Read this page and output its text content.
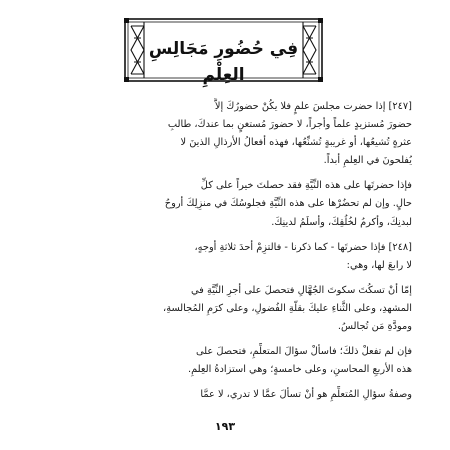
فِي حُضُورِ مَجَالِسِ العِلْمِ

[٢٤٧] إذا حضرت مجلسَ علمٍ فلا يكُنْ حضورُكَ إلاَّ
حضورَ مُستزيدٍ علماً وأجراً، لا حضورَ مُستغنٍ بما عندكَ، طالبِ
عثرةٍ تُشيعُها، أو غريبةٍ تُشنِّعُها، فهذه أفعالُ الأرذالِ الذينَ لا
يُفلحونَ في العِلمِ أبداً.

فإذا حضرتَها على هذه النِّيَّةِ فقد حصلتَ خيراً على كلِّ
حالٍ. وإن لم تحضُرْها على هذه النِّيَّةِ فجلوسُكَ في منزِلِكَ أروحُ
لبدنِكَ، وأكرمُ لخُلُقِكَ، وأسلَمُ لدينِكَ.

[٢٤٨] فإذا حضرتَها - كما ذكرنا - فالتزِمْ أحدَ ثلاثةِ أوجهٍ،
لا رابعَ لها، وهي:

إمّا أنْ تسكُتَ سكوتَ الجُهَّالِ فتحصلَ على أجرِ النِّيَّةِ في
المشهدِ، وعلى الثَّناءِ عليكَ بقلَّةِ الفُضولِ، وعلى كرَمِ المُجالسةِ،
ومودَّةِ مَن تُجالسُ.

فإن لم تفعلْ ذلكَ؛ فاسألْ سؤالَ المتعلِّمِ، فتحصلَ على
هذه الأربعِ المحاسنِ، وعلى خامسةٍ؛ وهي استزادةُ العِلمِ.

وصفةُ سؤالِ المُتعلِّمِ هو أنْ تسألَ عمَّا لا تدري، لا عمَّا

١٩٣
